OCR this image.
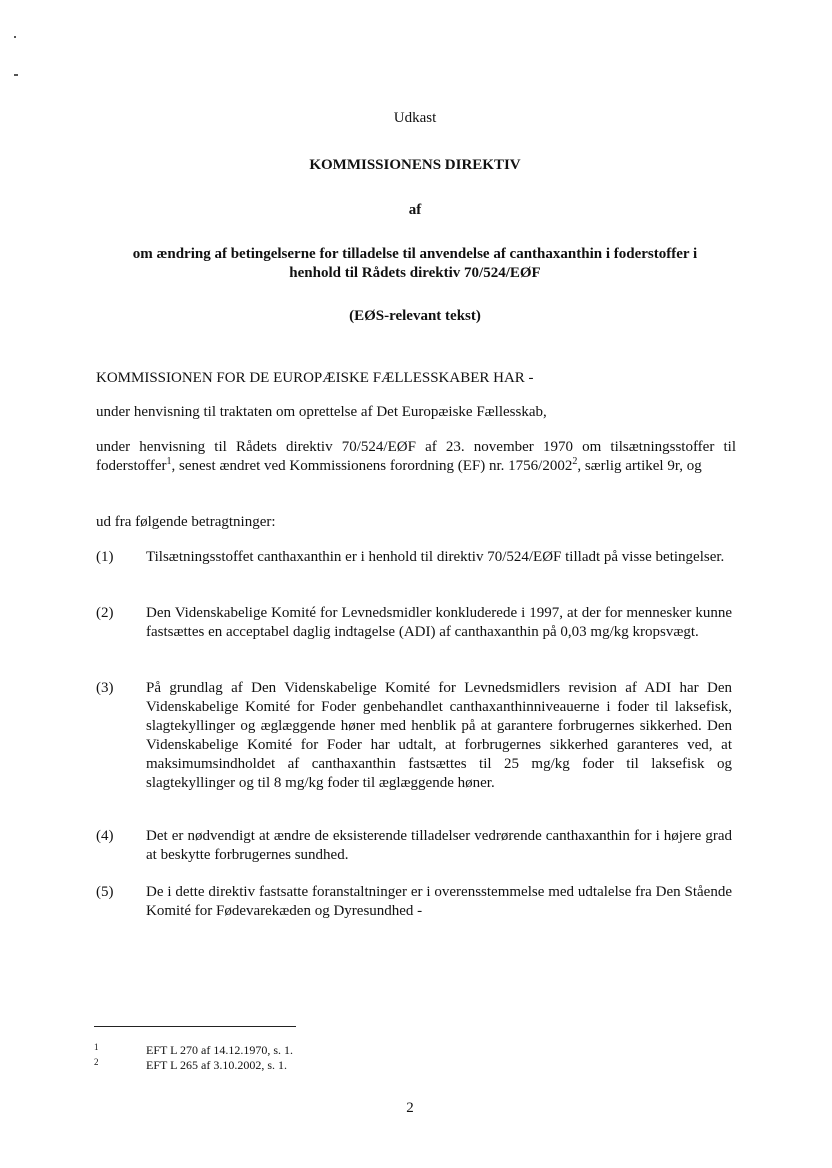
Udkast
KOMMISSIONENS DIREKTIV
af
om ændring af betingelserne for tilladelse til anvendelse af canthaxanthin i foderstoffer i
henhold til Rådets direktiv 70/524/EØF
(EØS-relevant tekst)
KOMMISSIONEN FOR DE EUROPÆISKE FÆLLESSKABER HAR -
under henvisning til traktaten om oprettelse af Det Europæiske Fællesskab,
under henvisning til Rådets direktiv 70/524/EØF af 23. november 1970 om tilsætningsstoffer til foderstoffer$^1$, senest ændret ved Kommissionens forordning (EF) nr. 1756/2002$^2$, særlig artikel 9r, og
ud fra følgende betragtninger:
(1)	Tilsætningsstoffet canthaxanthin er i henhold til direktiv 70/524/EØF tilladt på visse betingelser.
(2)	Den Videnskabelige Komité for Levnedsmidler konkluderede i 1997, at der for mennesker kunne fastsættes en acceptabel daglig indtagelse (ADI) af canthaxanthin på 0,03 mg/kg kropsvægt.
(3)	På grundlag af Den Videnskabelige Komité for Levnedsmidlers revision af ADI har Den Videnskabelige Komité for Foder genbehandlet canthaxanthinniveauerne i foder til laksefisk, slagtekyllinger og æglæggende høner med henblik på at garantere forbrugernes sikkerhed. Den Videnskabelige Komité for Foder har udtalt, at forbrugernes sikkerhed garanteres ved, at maksimumsindholdet af canthaxanthin fastsættes til 25 mg/kg foder til laksefisk og slagtekyllinger og til 8 mg/kg foder til æglæggende høner.
(4)	Det er nødvendigt at ændre de eksisterende tilladelser vedrørende canthaxanthin for i højere grad at beskytte forbrugernes sundhed.
(5)	De i dette direktiv fastsatte foranstaltninger er i overensstemmelse med udtalelse fra Den Stående Komité for Fødevarekæden og Dyresundhed -
1	EFT L 270 af 14.12.1970, s. 1.
2	EFT L 265 af 3.10.2002, s. 1.
2
